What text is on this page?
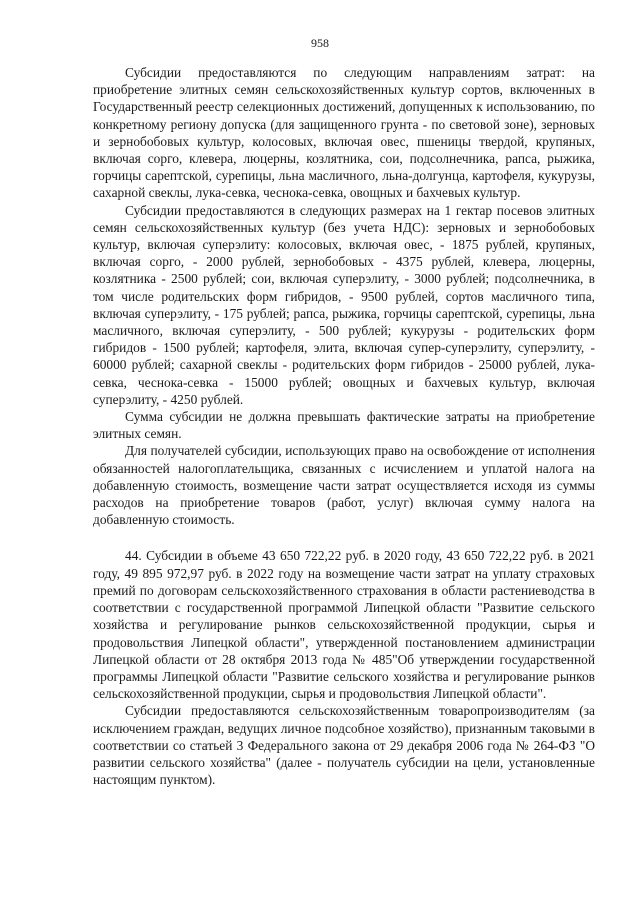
958

Субсидии предоставляются по следующим направлениям затрат: на приобретение элитных семян сельскохозяйственных культур сортов, включенных в Государственный реестр селекционных достижений, допущенных к использованию, по конкретному региону допуска (для защищенного грунта - по световой зоне), зерновых и зернобобовых культур, колосовых, включая овес, пшеницы твердой, крупяных, включая сорго, клевера, люцерны, козлятника, сои, подсолнечника, рапса, рыжика, горчицы сарептской, сурепицы, льна масличного, льна-долгунца, картофеля, кукурузы, сахарной свеклы, лука-севка, чеснока-севка, овощных и бахчевых культур.

Субсидии предоставляются в следующих размерах на 1 гектар посевов элитных семян сельскохозяйственных культур (без учета НДС): зерновых и зернобобовых культур, включая суперэлиту: колосовых, включая овес, - 1875 рублей, крупяных, включая сорго, - 2000 рублей, зернобобовых - 4375 рублей, клевера, люцерны, козлятника - 2500 рублей; сои, включая суперэлиту, - 3000 рублей; подсолнечника, в том числе родительских форм гибридов, - 9500 рублей, сортов масличного типа, включая суперэлиту, - 175 рублей; рапса, рыжика, горчицы сарептской, сурепицы, льна масличного, включая суперэлиту, - 500 рублей; кукурузы - родительских форм гибридов - 1500 рублей; картофеля, элита, включая супер-суперэлиту, суперэлиту, - 60000 рублей; сахарной свеклы - родительских форм гибридов - 25000 рублей, лука-севка, чеснока-севка - 15000 рублей; овощных и бахчевых культур, включая суперэлиту, - 4250 рублей.

Сумма субсидии не должна превышать фактические затраты на приобретение элитных семян.

Для получателей субсидии, использующих право на освобождение от исполнения обязанностей налогоплательщика, связанных с исчислением и уплатой налога на добавленную стоимость, возмещение части затрат осуществляется исходя из суммы расходов на приобретение товаров (работ, услуг) включая сумму налога на добавленную стоимость.

44. Субсидии в объеме 43 650 722,22 руб. в 2020 году, 43 650 722,22 руб. в 2021 году, 49 895 972,97 руб. в 2022 году на возмещение части затрат на уплату страховых премий по договорам сельскохозяйственного страхования в области растениеводства в соответствии с государственной программой Липецкой области "Развитие сельского хозяйства и регулирование рынков сельскохозяйственной продукции, сырья и продовольствия Липецкой области", утвержденной постановлением администрации Липецкой области от 28 октября 2013 года № 485"Об утверждении государственной программы Липецкой области "Развитие сельского хозяйства и регулирование рынков сельскохозяйственной продукции, сырья и продовольствия Липецкой области".

Субсидии предоставляются сельскохозяйственным товаропроизводителям (за исключением граждан, ведущих личное подсобное хозяйство), признанным таковыми в соответствии со статьей 3 Федерального закона от 29 декабря 2006 года № 264-ФЗ "О развитии сельского хозяйства" (далее - получатель субсидии на цели, установленные настоящим пунктом).
